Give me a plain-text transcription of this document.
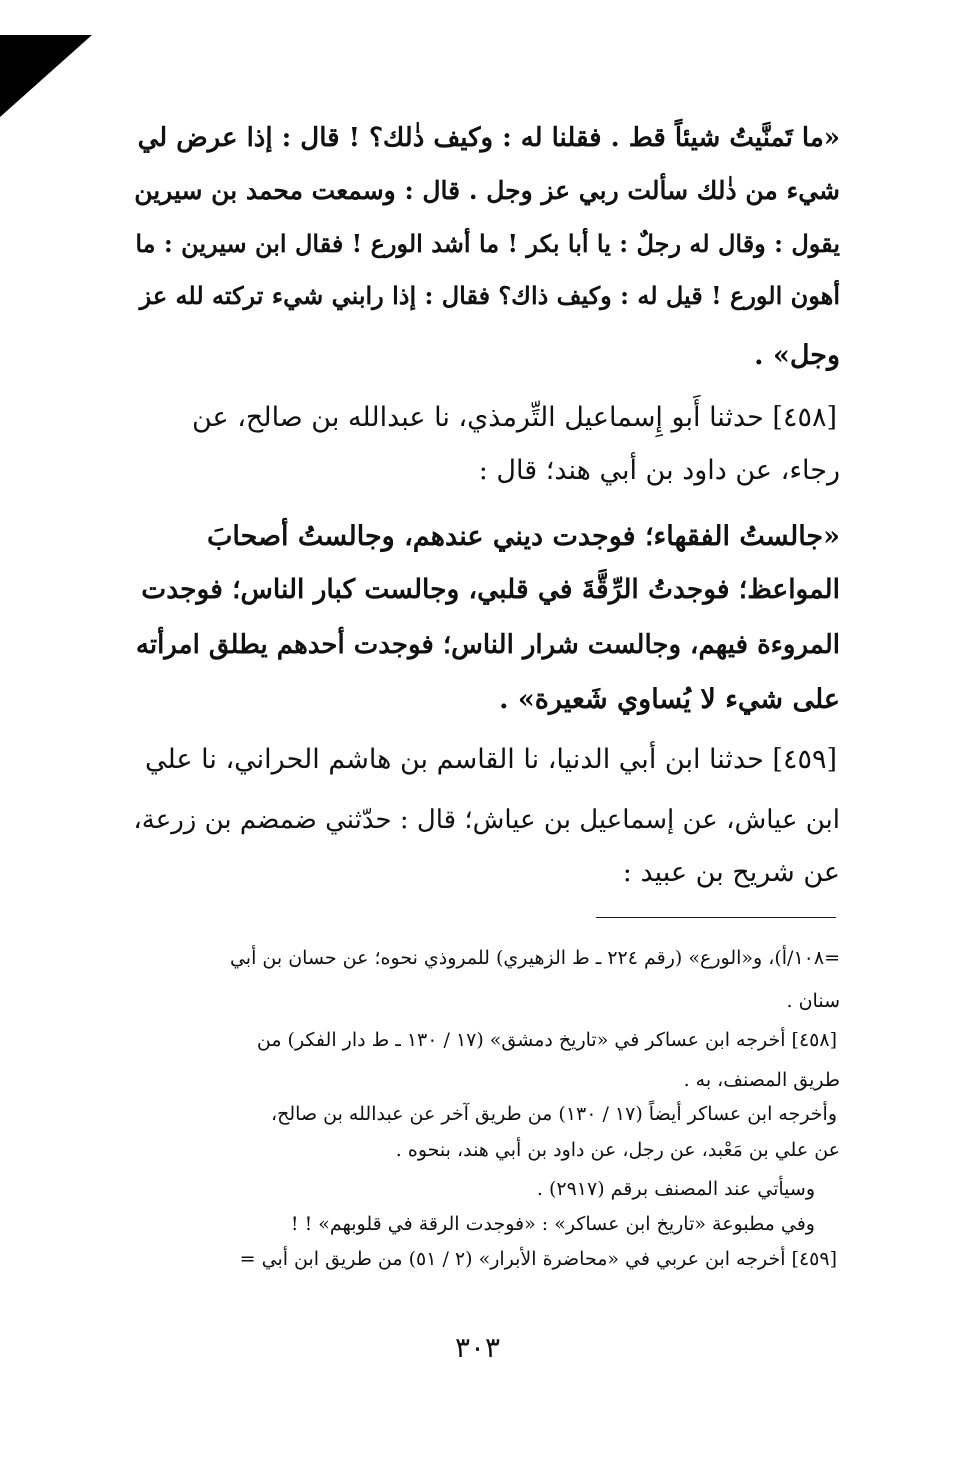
«ما تَمنَّيتُ شيئاً قط . فقلنا له : وكيف ذٰلك؟ ! قال : إذا عرض لي
شيء من ذٰلك سألت ربي عز وجل . قال : وسمعت محمد بن سيرين
يقول : وقال له رجلٌ : يا أبا بكر ! ما أشد الورع ! فقال ابن سيرين : ما
أهون الورع ! قيل له : وكيف ذاك؟ فقال : إذا رابني شيء تركته لله عز
وجل» .
[٤٥٨] حدثنا أَبو إِسماعيل التِّرمذي، نا عبدالله بن صالح، عن
رجاء، عن داود بن أبي هند؛ قال :
«جالستُ الفقهاء؛ فوجدت ديني عندهم، وجالستُ أصحابَ
المواعظ؛ فوجدتُ الرِّقَّةَ في قلبي، وجالست كبار الناس؛ فوجدت
المروءة فيهم، وجالست شرار الناس؛ فوجدت أحدهم يطلق امرأته
على شيء لا يُساوي شَعيرة» .
[٤٥٩] حدثنا ابن أبي الدنيا، نا القاسم بن هاشم الحراني، نا علي
ابن عياش، عن إسماعيل بن عياش؛ قال : حدّثني ضمضم بن زرعة،
عن شريح بن عبيد :
=١٠٨/أ)، و«الورع» (رقم ٢٢٤ ـ ط الزهيري) للمروذي نحوه؛ عن حسان بن أبي
سنان .
[٤٥٨] أخرجه ابن عساكر في «تاريخ دمشق» (١٧ / ١٣٠ ـ ط دار الفكر) من
طريق المصنف، به .
وأخرجه ابن عساكر أيضاً (١٧ / ١٣٠) من طريق آخر عن عبدالله بن صالح،
عن علي بن مَعْبد، عن رجل، عن داود بن أبي هند، بنحوه .
وسيأتي عند المصنف برقم (٢٩١٧) .
وفي مطبوعة «تاريخ ابن عساكر» : «فوجدت الرقة في قلوبهم» ! !
[٤٥٩] أخرجه ابن عربي في «محاضرة الأبرار» (٢ / ٥١) من طريق ابن أبي =
٣٠٣
